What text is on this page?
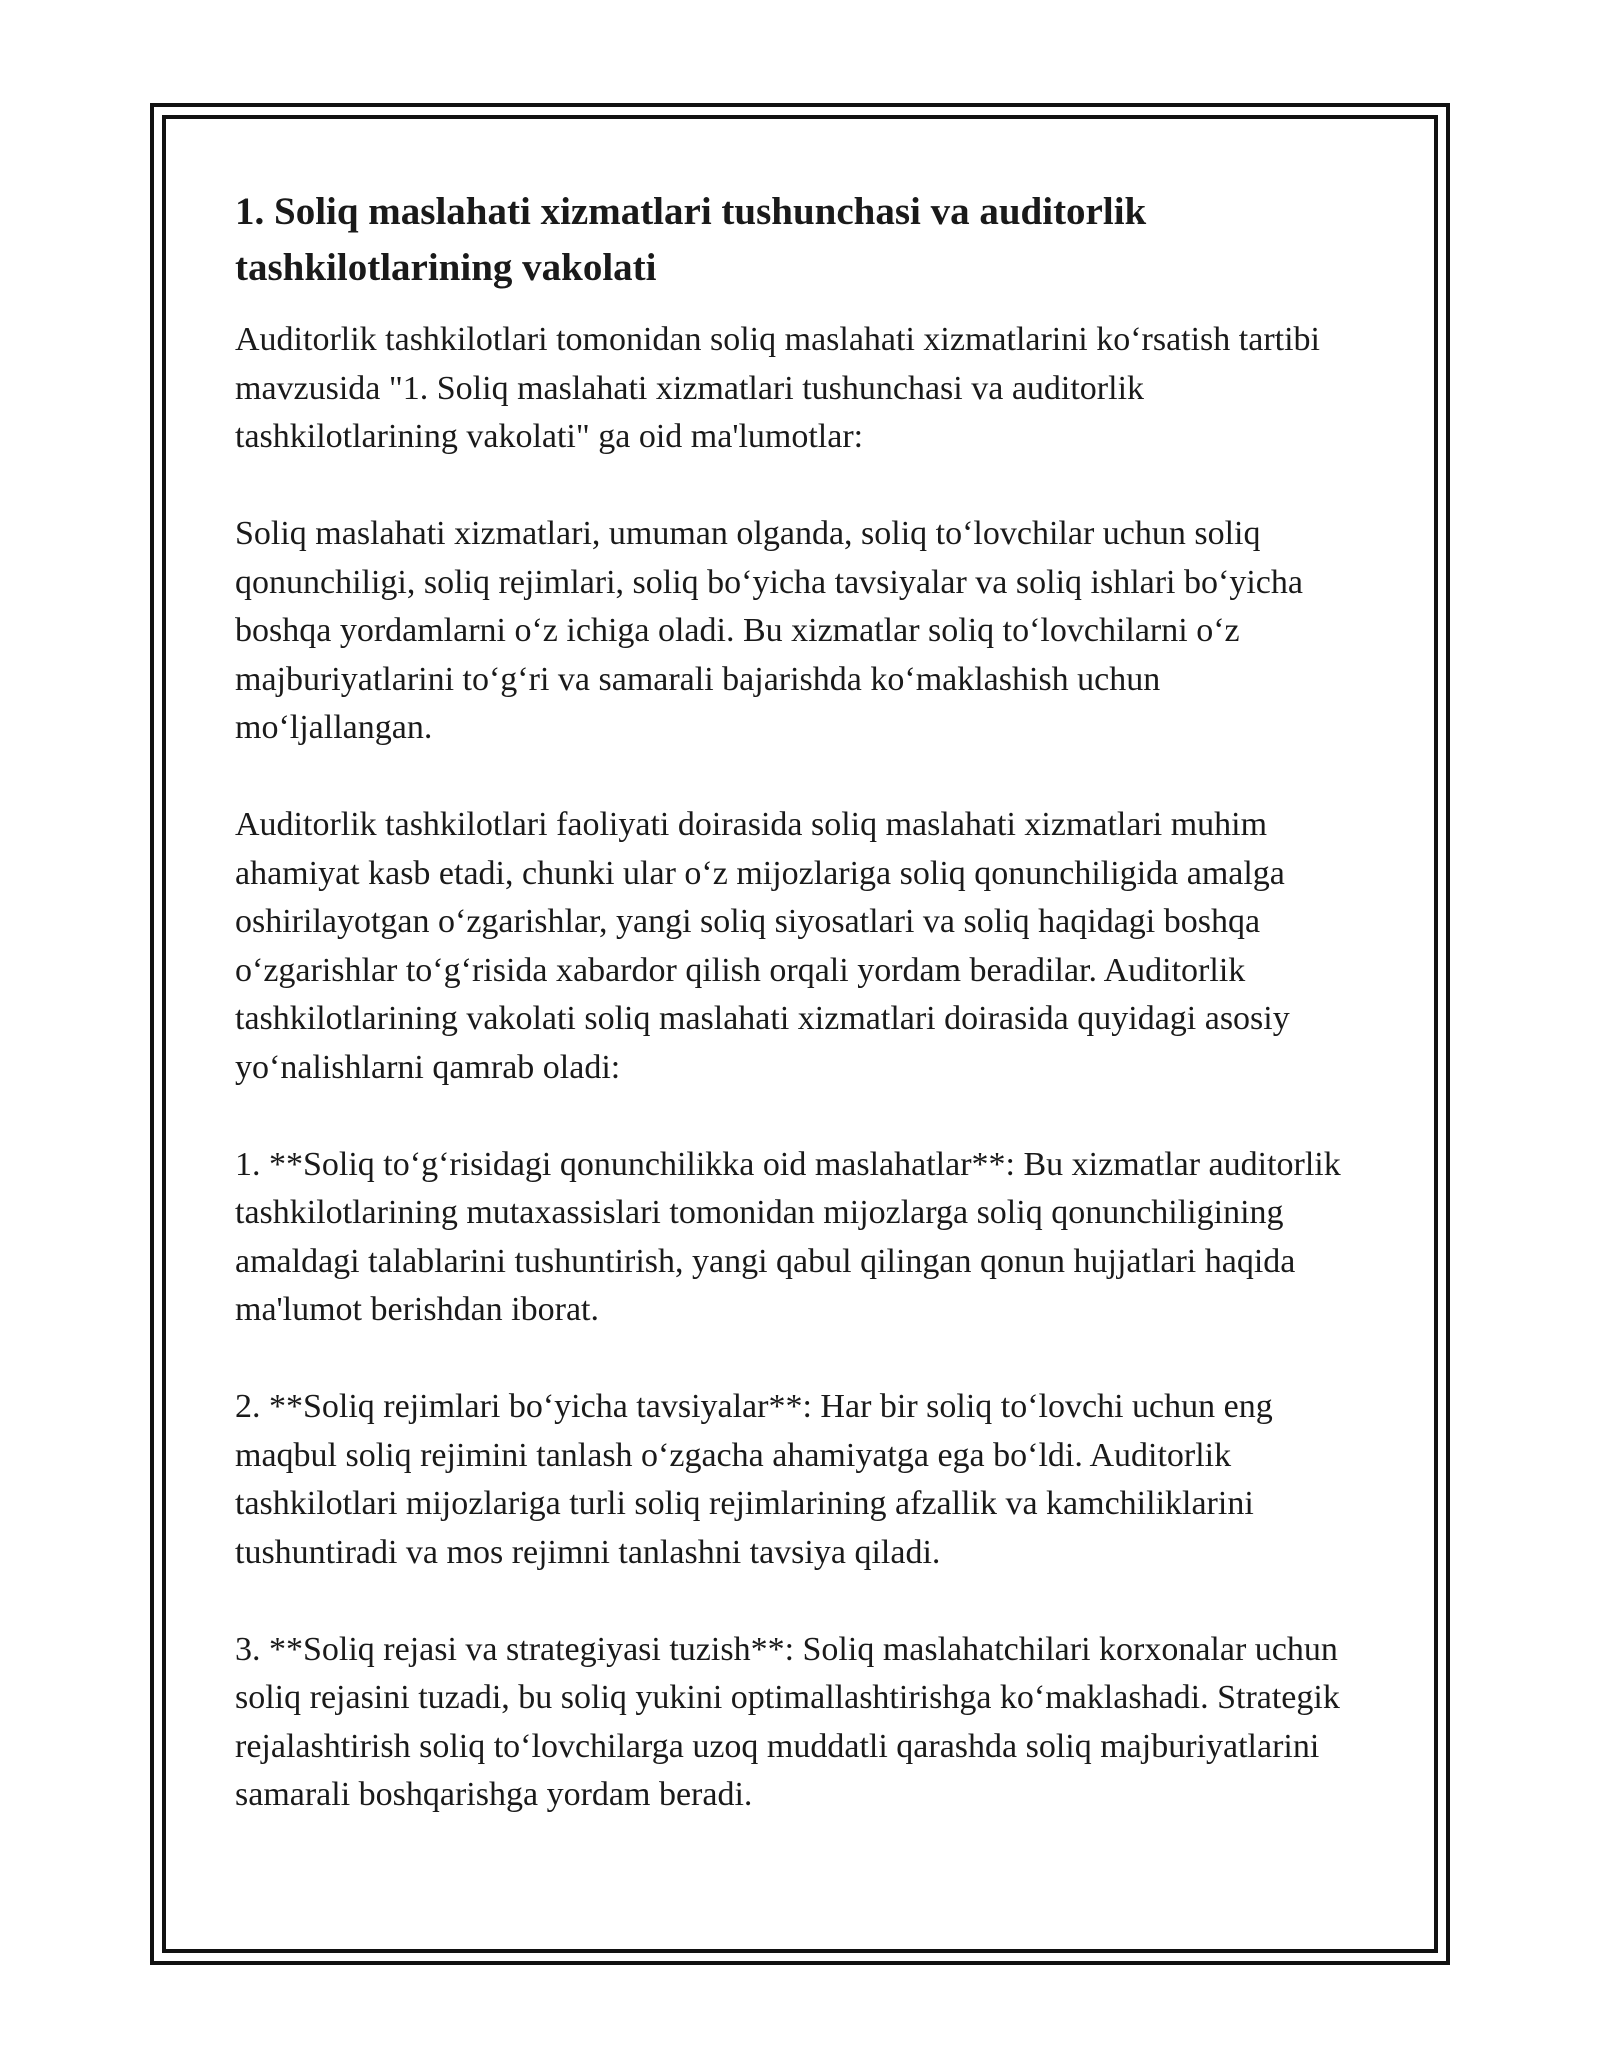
1. Soliq maslahati xizmatlari tushunchasi va auditorlik tashkilotlarining vakolati

Auditorlik tashkilotlari tomonidan soliq maslahati xizmatlarini koʻrsatish tartibi mavzusida "1. Soliq maslahati xizmatlari tushunchasi va auditorlik tashkilotlarining vakolati" ga oid ma'lumotlar:

Soliq maslahati xizmatlari, umuman olganda, soliq toʻlovchilar uchun soliq qonunchiligi, soliq rejimlari, soliq boʻyicha tavsiyalar va soliq ishlari boʻyicha boshqa yordamlarni oʻz ichiga oladi. Bu xizmatlar soliq toʻlovchilarni oʻz majburiyatlarini toʻgʻri va samarali bajarishda koʻmaklashish uchun moʻljallangan.

Auditorlik tashkilotlari faoliyati doirasida soliq maslahati xizmatlari muhim ahamiyat kasb etadi, chunki ular oʻz mijozlariga soliq qonunchiligida amalga oshirilayotgan oʻzgarishlar, yangi soliq siyosatlari va soliq haqidagi boshqa oʻzgarishlar toʻgʻrisida xabardor qilish orqali yordam beradilar. Auditorlik tashkilotlarining vakolati soliq maslahati xizmatlari doirasida quyidagi asosiy yoʻnalishlarni qamrab oladi:

1. **Soliq toʻgʻrisidagi qonunchilikka oid maslahatlar**: Bu xizmatlar auditorlik tashkilotlarining mutaxassislari tomonidan mijozlarga soliq qonunchiligining amaldagi talablarini tushuntirish, yangi qabul qilingan qonun hujjatlari haqida ma'lumot berishdan iborat.

2. **Soliq rejimlari boʻyicha tavsiyalar**: Har bir soliq toʻlovchi uchun eng maqbul soliq rejimini tanlash oʻzgacha ahamiyatga ega boʻldi. Auditorlik tashkilotlari mijozlariga turli soliq rejimlarining afzallik va kamchiliklarini tushuntiradi va mos rejimni tanlashni tavsiya qiladi.

3. **Soliq rejasi va strategiyasi tuzish**: Soliq maslahatchilari korxonalar uchun soliq rejasini tuzadi, bu soliq yukini optimallashtirishga koʻmaklashadi. Strategik rejalashtirish soliq toʻlovchilarga uzoq muddatli qarashda soliq majburiyatlarini samarali boshqarishga yordam beradi.
